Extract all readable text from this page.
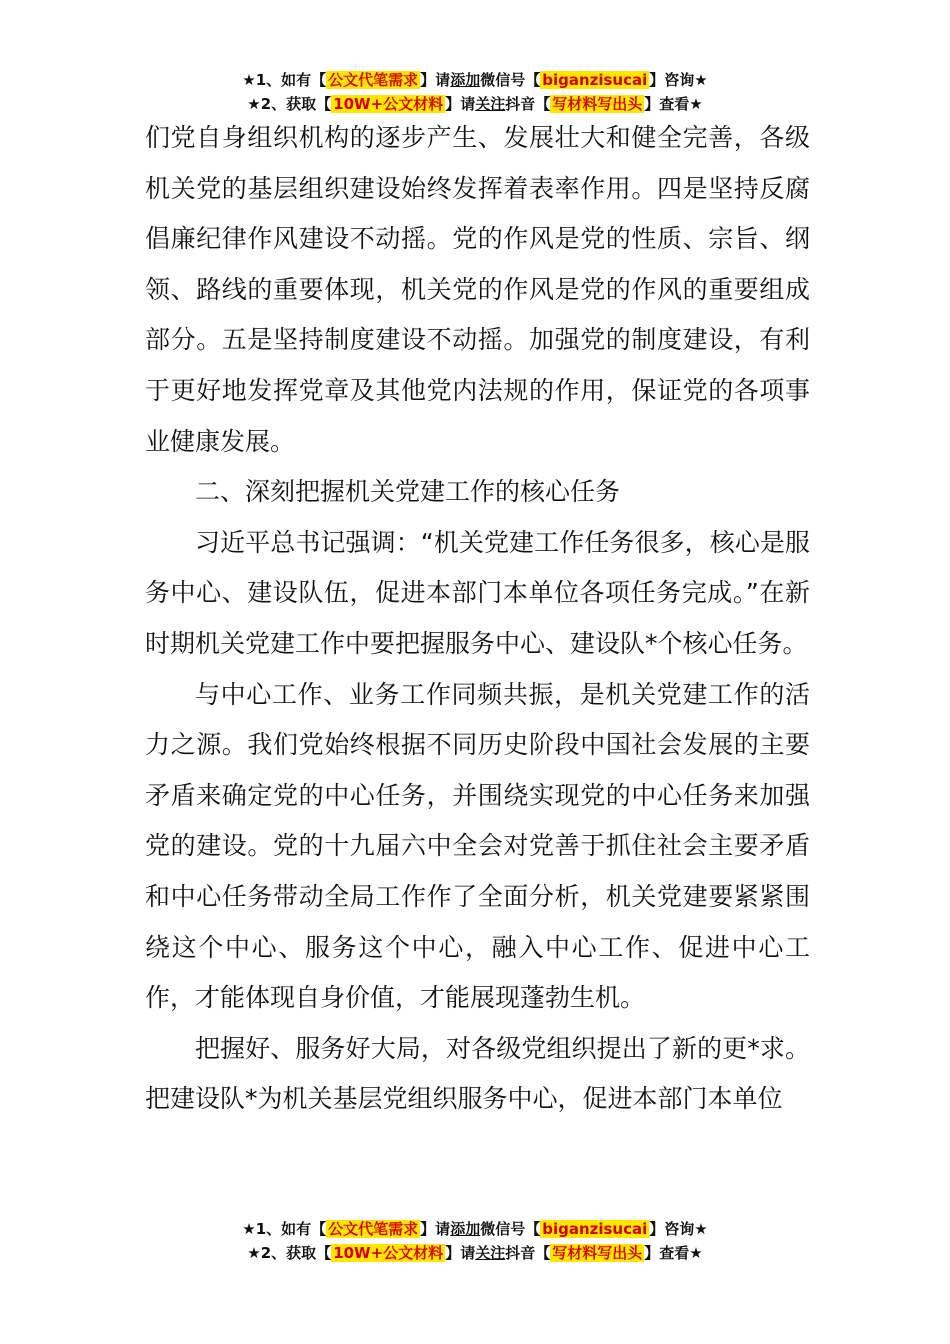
★1、如有【 公文代笔需求 】请添加微信号【 biganzisucai 】咨询★
★2、获取【 10W+公文材料 】请关注抖音【 写材料写出头 】查看★

们党自身组织机构的逐步产生、发展壮大和健全完善，各级机关党的基层组织建设始终发挥着表率作用。四是坚持反腐倡廉纪律作风建设不动摇。党的作风是党的性质、宗旨、纲领、路线的重要体现，机关党的作风是党的作风的重要组成部分。五是坚持制度建设不动摇。加强党的制度建设，有利于更好地发挥党章及其他党内法规的作用，保证党的各项事业健康发展。

二、深刻把握机关党建工作的核心任务

习近平总书记强调：“机关党建工作任务很多，核心是服务中心、建设队伍，促进本部门本单位各项任务完成。”在新时期机关党建工作中要把握服务中心、建设队*个核心任务。

与中心工作、业务工作同频共振，是机关党建工作的活力之源。我们党始终根据不同历史阶段中国社会发展的主要矛盾来确定党的中心任务，并围绕实现党的中心任务来加强党的建设。党的十九届六中全会对党善于抓住社会主要矛盾和中心任务带动全局工作作了全面分析，机关党建要紧紧围绕这个中心、服务这个中心，融入中心工作、促进中心工作，才能体现自身价值，才能展现蓬勃生机。

把握好、服务好大局，对各级党组织提出了新的更*求。把建设队*为机关基层党组织服务中心，促进本部门本单位

★1、如有【 公文代笔需求 】请添加微信号【 biganzisucai 】咨询★
★2、获取【 10W+公文材料 】请关注抖音【 写材料写出头 】查看★
